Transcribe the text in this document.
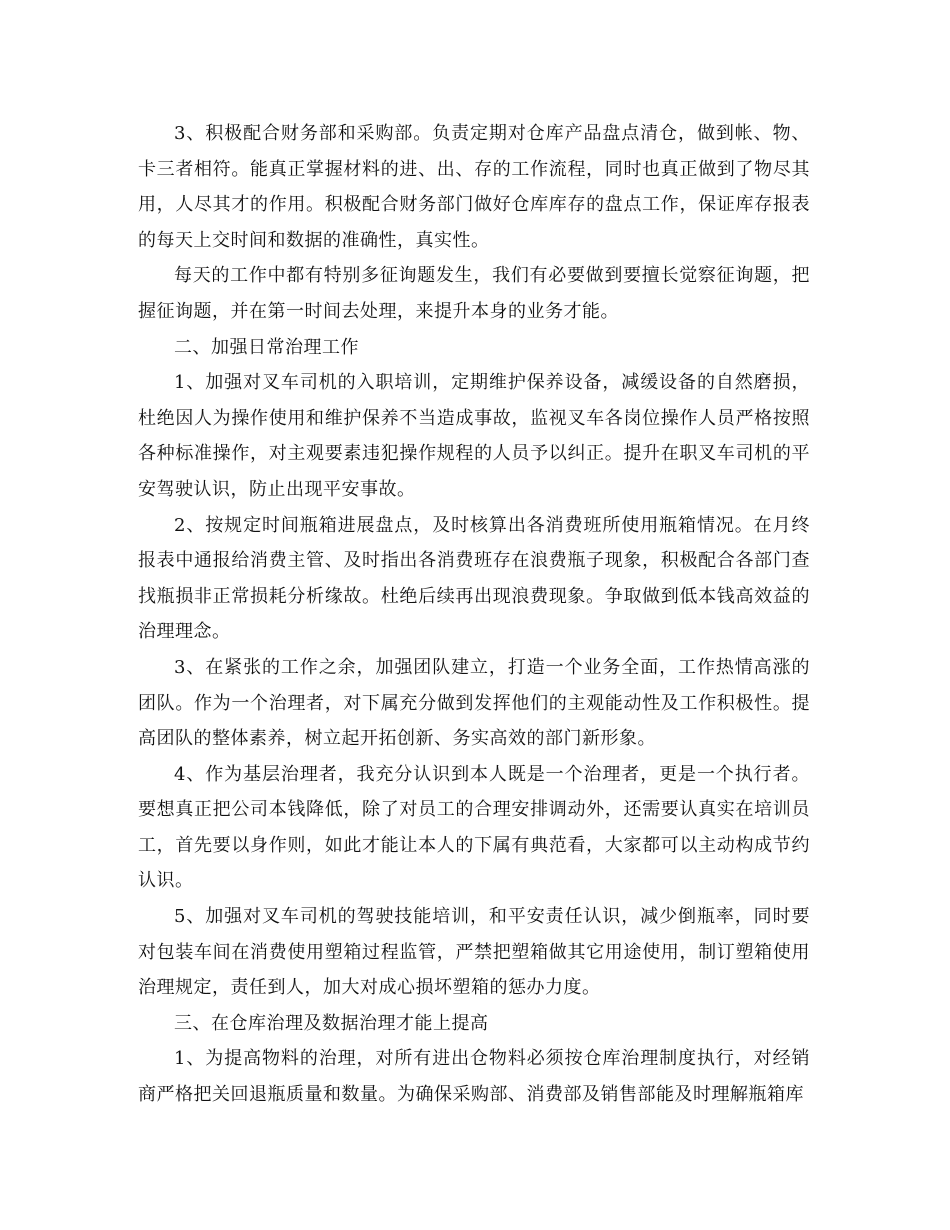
3、积极配合财务部和采购部。负责定期对仓库产品盘点清仓，做到帐、物、卡三者相符。能真正掌握材料的进、出、存的工作流程，同时也真正做到了物尽其用，人尽其才的作用。积极配合财务部门做好仓库库存的盘点工作，保证库存报表的每天上交时间和数据的准确性，真实性。

每天的工作中都有特别多征询题发生，我们有必要做到要擅长觉察征询题，把握征询题，并在第一时间去处理，来提升本身的业务才能。

二、加强日常治理工作

1、加强对叉车司机的入职培训，定期维护保养设备，减缓设备的自然磨损，杜绝因人为操作使用和维护保养不当造成事故，监视叉车各岗位操作人员严格按照各种标准操作，对主观要素违犯操作规程的人员予以纠正。提升在职叉车司机的平安驾驶认识，防止出现平安事故。

2、按规定时间瓶箱进展盘点，及时核算出各消费班所使用瓶箱情况。在月终报表中通报给消费主管、及时指出各消费班存在浪费瓶子现象，积极配合各部门查找瓶损非正常损耗分析缘故。杜绝后续再出现浪费现象。争取做到低本钱高效益的治理理念。

3、在紧张的工作之余，加强团队建立，打造一个业务全面，工作热情高涨的团队。作为一个治理者，对下属充分做到发挥他们的主观能动性及工作积极性。提高团队的整体素养，树立起开拓创新、务实高效的部门新形象。

4、作为基层治理者，我充分认识到本人既是一个治理者，更是一个执行者。要想真正把公司本钱降低，除了对员工的合理安排调动外，还需要认真实在培训员工，首先要以身作则，如此才能让本人的下属有典范看，大家都可以主动构成节约认识。

5、加强对叉车司机的驾驶技能培训，和平安责任认识，减少倒瓶率，同时要对包装车间在消费使用塑箱过程监管，严禁把塑箱做其它用途使用，制订塑箱使用治理规定，责任到人，加大对成心损坏塑箱的惩办力度。

三、在仓库治理及数据治理才能上提高

1、为提高物料的治理，对所有进出仓物料必须按仓库治理制度执行，对经销商严格把关回退瓶质量和数量。为确保采购部、消费部及销售部能及时理解瓶箱库
